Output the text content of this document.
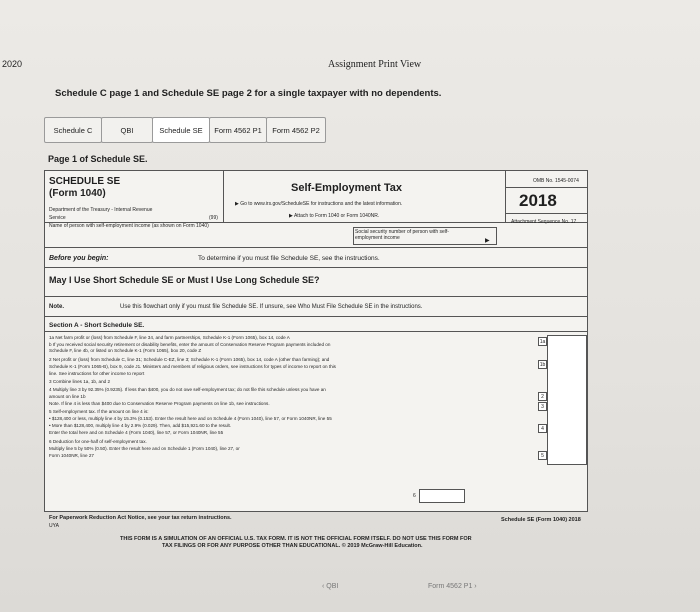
2020	Assignment Print View
Schedule C page 1 and Schedule SE page 2 for a single taxpayer with no dependents.
Schedule C	QBI	Schedule SE	Form 4562 P1	Form 4562 P2
Page 1 of Schedule SE.
SCHEDULE SE
(Form 1040)
Department of the Treasury - Internal Revenue
Service	(99)
Self-Employment Tax
▶ Go to www.irs.gov/ScheduleSE for instructions and the latest information.
▶ Attach to Form 1040 or Form 1040NR.
OMB No. 1545-0074
2018
Attachment Sequence No. 17
Name of person with self-employment income (as shown on Form 1040)
Social security number of person with self-employment income	▶
Before you begin:	To determine if you must file Schedule SE, see the instructions.
May I Use Short Schedule SE or Must I Use Long Schedule SE?
Note.	Use this flowchart only if you must file Schedule SE. If unsure, see Who Must File Schedule SE in the instructions.
Section A - Short Schedule SE.
1a Net farm profit or (loss) from Schedule F, line 34, and farm partnerships, Schedule K-1 (Form 1065), box 14, code A
b If you received social security retirement or disability benefits, enter the amount of Conservation Reserve Program payments included on
Schedule F, line 4b, or listed on Schedule K-1 (Form 1065), box 20, code Z
2 Net profit or (loss) from Schedule C, line 31; Schedule C-EZ, line 3; Schedule K-1 (Form 1065), box 14, code A (other than farming); and
Schedule K-1 (Form 1065-B), box 9, code J1. Ministers and members of religious orders, see instructions for types of income to report on this
line. See instructions for other income to report
3 Combine lines 1a, 1b, and 2
4 Multiply line 3 by 92.35% (0.9235). If less than $400, you do not owe self-employment tax; do not file this schedule unless you have an
amount on line 1b
Note. If line 4 is less than $400 due to Conservation Reserve Program payments on line 1b, see instructions.
5 Self-employment tax. If the amount on line 4 is:
• $128,400 or less, multiply line 4 by 15.3% (0.153). Enter the result here and on Schedule 4 (Form 1040), line 57, or Form 1040NR, line 55
• More than $128,400, multiply line 4 by 2.9% (0.029). Then, add $15,921.60 to the result.
Enter the total here and on Schedule 4 (Form 1040), line 57, or Form 1040NR, line 55
6 Deduction for one-half of self-employment tax.
Multiply line 5 by 50% (0.50). Enter the result here and on Schedule 1 (Form 1040), line 27, or
Form 1040NR, line 27
1a
1b
2
3
4
5
6
For Paperwork Reduction Act Notice, see your tax return instructions.
UYA
Schedule SE (Form 1040) 2018
THIS FORM IS A SIMULATION OF AN OFFICIAL U.S. TAX FORM. IT IS NOT THE OFFICIAL FORM ITSELF. DO NOT USE THIS FORM FOR
TAX FILINGS OR FOR ANY PURPOSE OTHER THAN EDUCATIONAL. © 2019 McGraw-Hill Education.
‹ QBI	Form 4562 P1 ›
